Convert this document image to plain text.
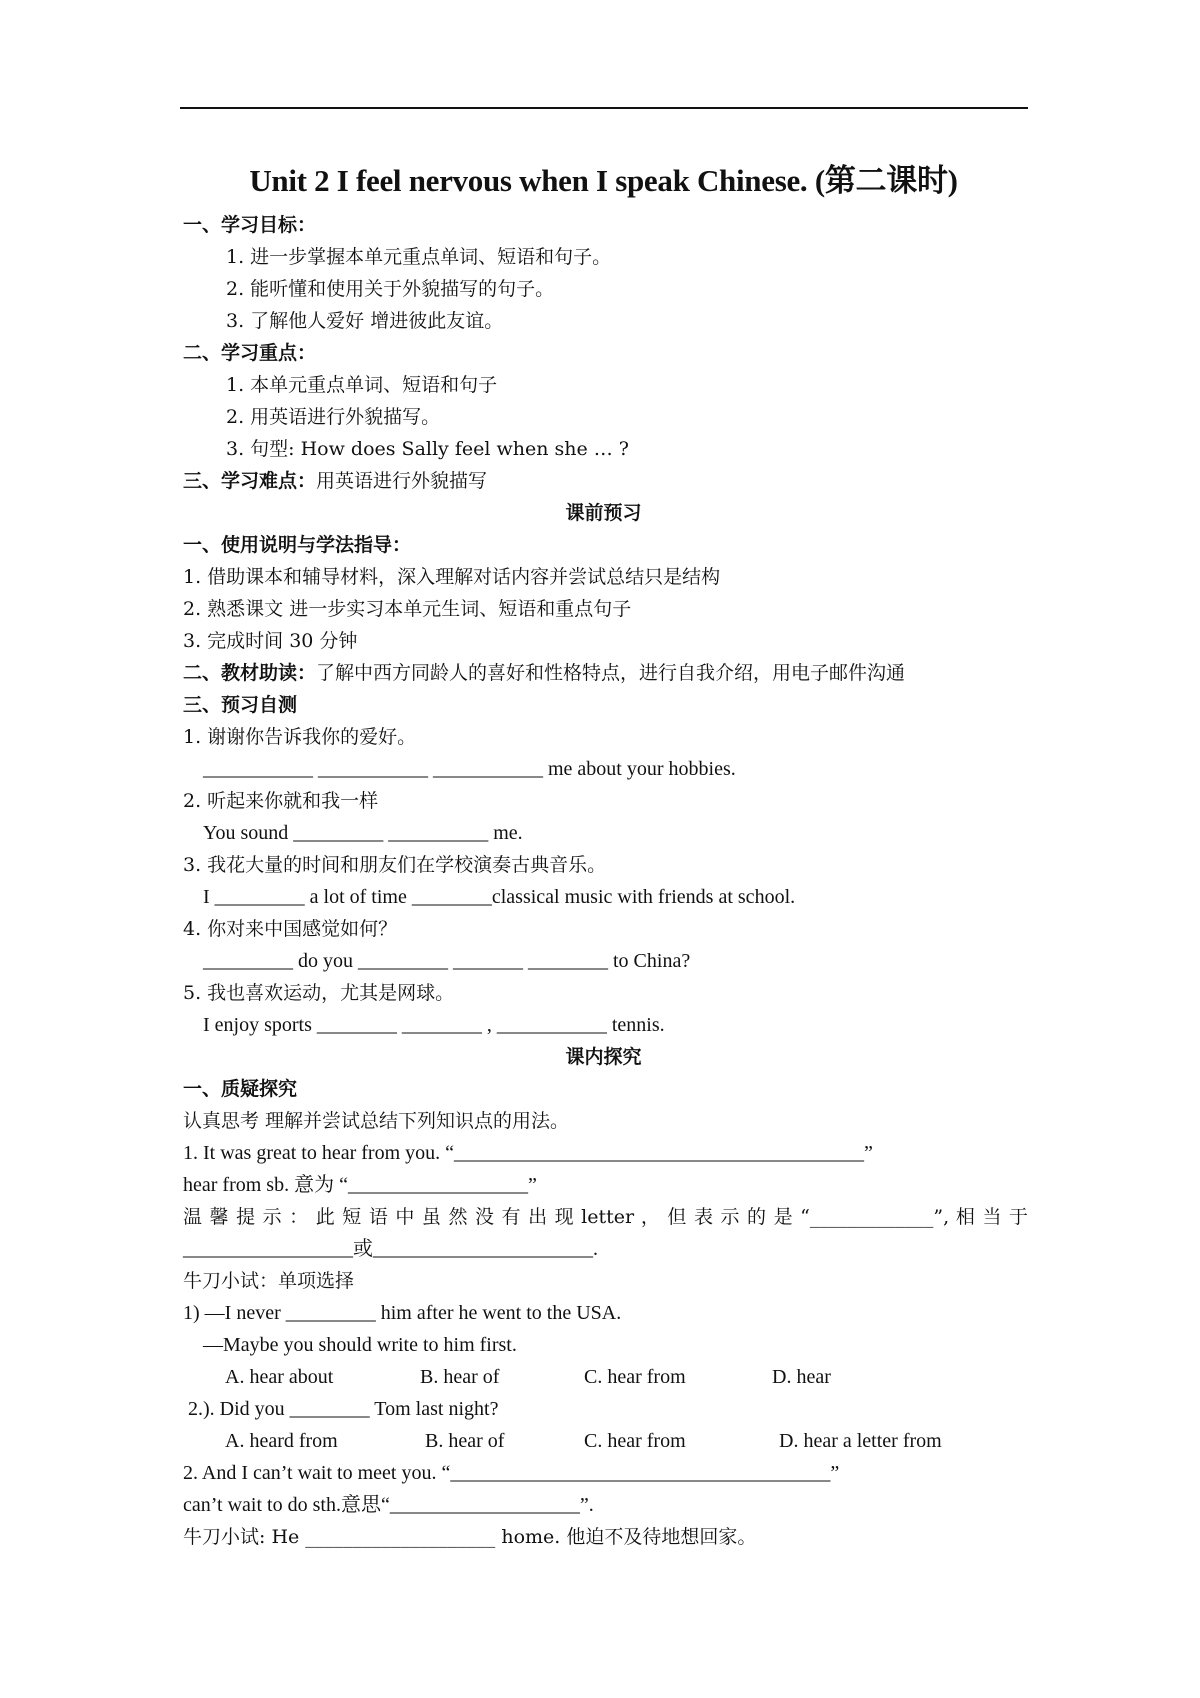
Unit 2 I feel nervous when I speak Chinese. (第二课时)
一、学习目标：
1. 进一步掌握本单元重点单词、短语和句子。
2. 能听懂和使用关于外貌描写的句子。
3. 了解他人爱好 增进彼此友谊。
二、学习重点：
1. 本单元重点单词、短语和句子
2. 用英语进行外貌描写。
3. 句型: How does Sally feel when she … ?
三、学习难点：用英语进行外貌描写
课前预习
一、使用说明与学法指导：
1. 借助课本和辅导材料，深入理解对话内容并尝试总结只是结构
2. 熟悉课文 进一步实习本单元生词、短语和重点句子
3. 完成时间 30 分钟
二、教材助读：了解中西方同龄人的喜好和性格特点，进行自我介绍，用电子邮件沟通
三、预习自测
1. 谢谢你告诉我你的爱好。
___________ ___________ ___________ me about your hobbies.
2. 听起来你就和我一样
You sound _________ __________ me.
3. 我花大量的时间和朋友们在学校演奏古典音乐。
I _________ a lot of time ________classical music with friends at school.
4. 你对来中国感觉如何？
_________ do you _________ _______ ________ to China?
5. 我也喜欢运动，尤其是网球。
I enjoy sports ________ ________ , ___________ tennis.
课内探究
一、质疑探究
认真思考 理解并尝试总结下列知识点的用法。
1. It was great to hear from you. “_________________________________________”
hear from sb. 意为 “__________________”
温 馨 提 示 ： 此 短 语 中 虽 然 没 有 出 现 letter ， 但 表 示 的 是 “_____________”, 相 当 于
_________________或______________________.
牛刀小试：单项选择
1) —I never _________ him after he went to the USA.
—Maybe you should write to him first.
A. hear about	B. hear of	C. hear from	D. hear
2.). Did you ________ Tom last night?
A. heard from	B. hear of	C. hear from	D. hear a letter from
2. And I can’t wait to meet you. “______________________________________”
can’t wait to do sth.意思“___________________”.
牛刀小试: He ____________________ home. 他迫不及待地想回家。
